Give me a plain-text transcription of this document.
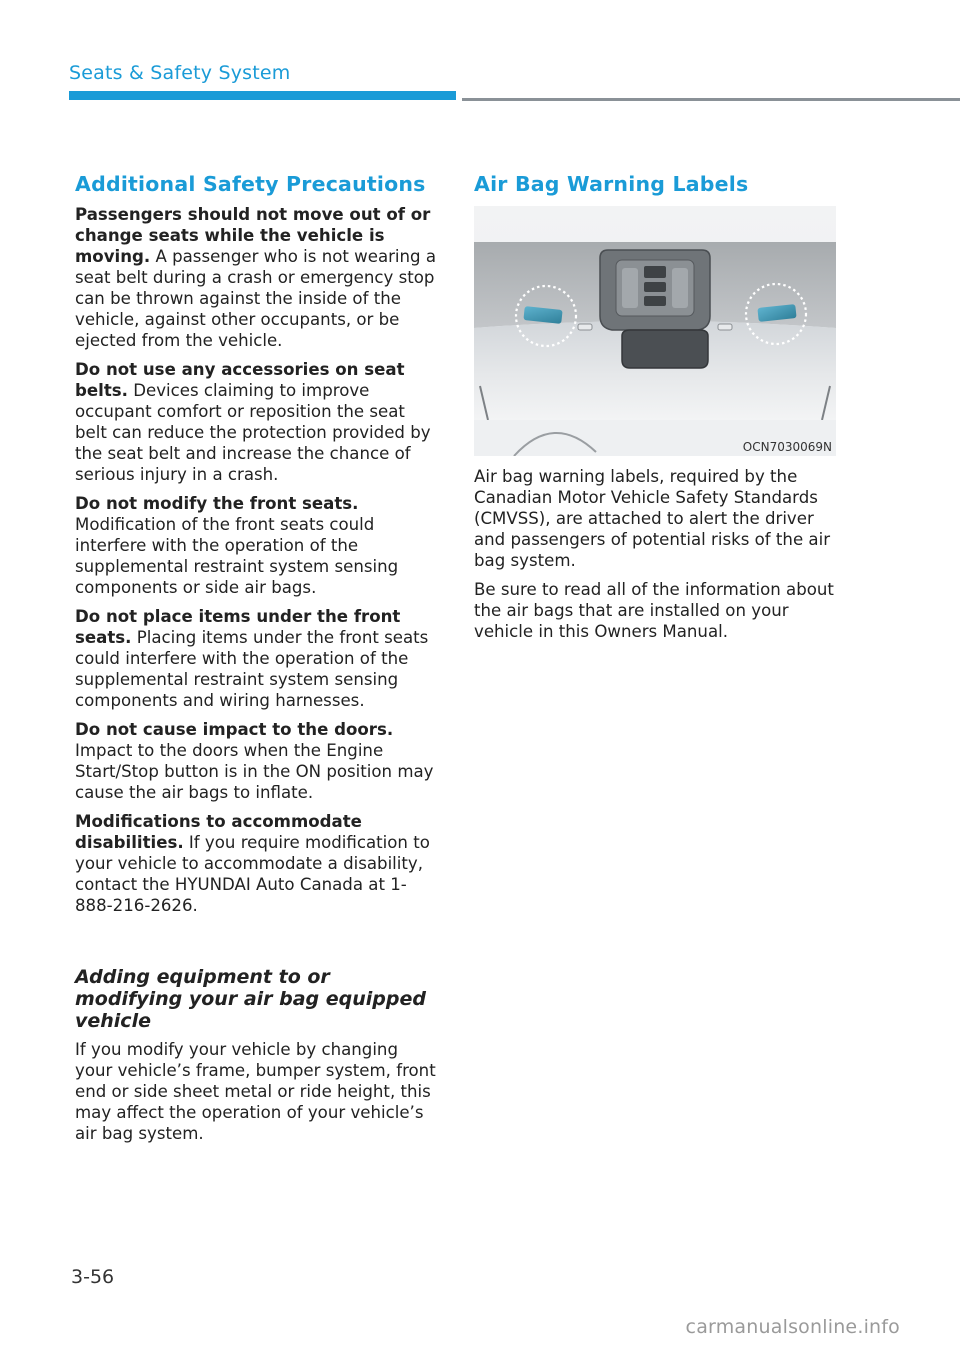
Seats & Safety System
Additional Safety Precautions

Passengers should not move out of or change seats while the vehicle is moving. A passenger who is not wearing a seat belt during a crash or emergency stop can be thrown against the inside of the vehicle, against other occupants, or be ejected from the vehicle.

Do not use any accessories on seat belts. Devices claiming to improve occupant comfort or reposition the seat belt can reduce the protection provided by the seat belt and increase the chance of serious injury in a crash.

Do not modify the front seats. Modification of the front seats could interfere with the operation of the supplemental restraint system sensing components or side air bags.

Do not place items under the front seats. Placing items under the front seats could interfere with the operation of the supplemental restraint system sensing components and wiring harnesses.

Do not cause impact to the doors. Impact to the doors when the Engine Start/Stop button is in the ON position may cause the air bags to inflate.

Modifications to accommodate disabilities. If you require modification to your vehicle to accommodate a disability, contact the HYUNDAI Auto Canada at 1-888-216-2626.

Adding equipment to or modifying your air bag equipped vehicle

If you modify your vehicle by changing your vehicle’s frame, bumper system, front end or side sheet metal or ride height, this may affect the operation of your vehicle’s air bag system.

Air Bag Warning Labels
OCN7030069N

Air bag warning labels, required by the Canadian Motor Vehicle Safety Standards (CMVSS), are attached to alert the driver and passengers of potential risks of the air bag system.

Be sure to read all of the information about the air bags that are installed on your vehicle in this Owners Manual.

3-56
carmanualsonline.info
